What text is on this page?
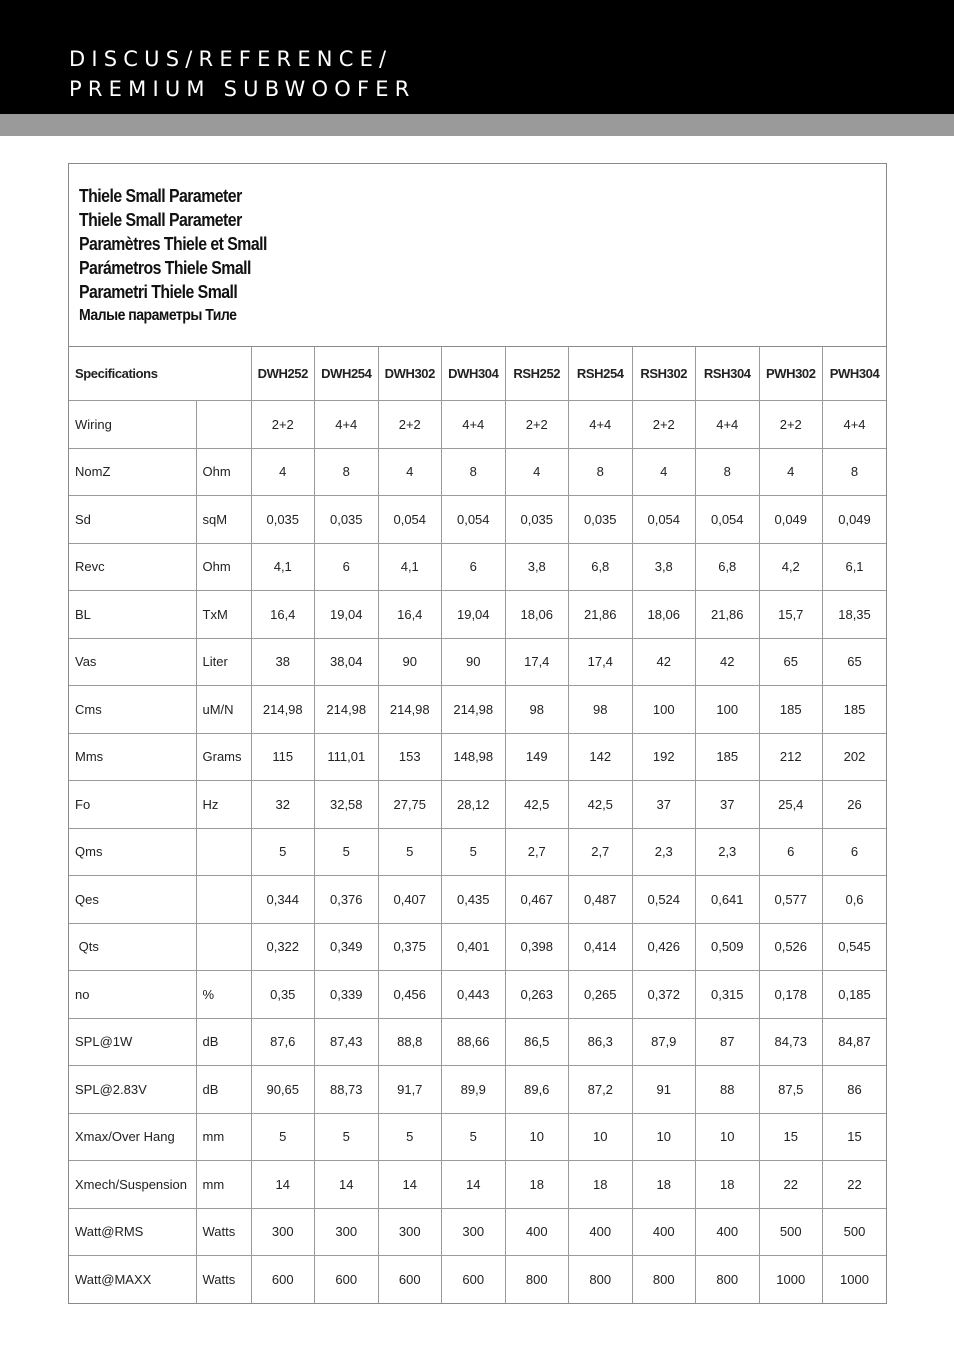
DISCUS/REFERENCE/
PREMIUM SUBWOOFER
Thiele Small Parameter
Thiele Small Parameter
Paramètres Thiele et Small
Parámetros Thiele Small
Parametri Thiele Small
Малые параметры Тиле
Specifications		DWH252	DWH254	DWH302	DWH304	RSH252	RSH254	RSH302	RSH304	PWH302	PWH304
Wiring		2+2	4+4	2+2	4+4	2+2	4+4	2+2	4+4	2+2	4+4
NomZ	Ohm	4	8	4	8	4	8	4	8	4	8
Sd	sqM	0,035	0,035	0,054	0,054	0,035	0,035	0,054	0,054	0,049	0,049
Revc	Ohm	4,1	6	4,1	6	3,8	6,8	3,8	6,8	4,2	6,1
BL	TxM	16,4	19,04	16,4	19,04	18,06	21,86	18,06	21,86	15,7	18,35
Vas	Liter	38	38,04	90	90	17,4	17,4	42	42	65	65
Cms	uM/N	214,98	214,98	214,98	214,98	98	98	100	100	185	185
Mms	Grams	115	111,01	153	148,98	149	142	192	185	212	202
Fo	Hz	32	32,58	27,75	28,12	42,5	42,5	37	37	25,4	26
Qms		5	5	5	5	2,7	2,7	2,3	2,3	6	6
Qes		0,344	0,376	0,407	0,435	0,467	0,487	0,524	0,641	0,577	0,6
Qts		0,322	0,349	0,375	0,401	0,398	0,414	0,426	0,509	0,526	0,545
no	%	0,35	0,339	0,456	0,443	0,263	0,265	0,372	0,315	0,178	0,185
SPL@1W	dB	87,6	87,43	88,8	88,66	86,5	86,3	87,9	87	84,73	84,87
SPL@2.83V	dB	90,65	88,73	91,7	89,9	89,6	87,2	91	88	87,5	86
Xmax/Over Hang	mm	5	5	5	5	10	10	10	10	15	15
Xmech/Suspension	mm	14	14	14	14	18	18	18	18	22	22
Watt@RMS	Watts	300	300	300	300	400	400	400	400	500	500
Watt@MAXX	Watts	600	600	600	600	800	800	800	800	1000	1000
